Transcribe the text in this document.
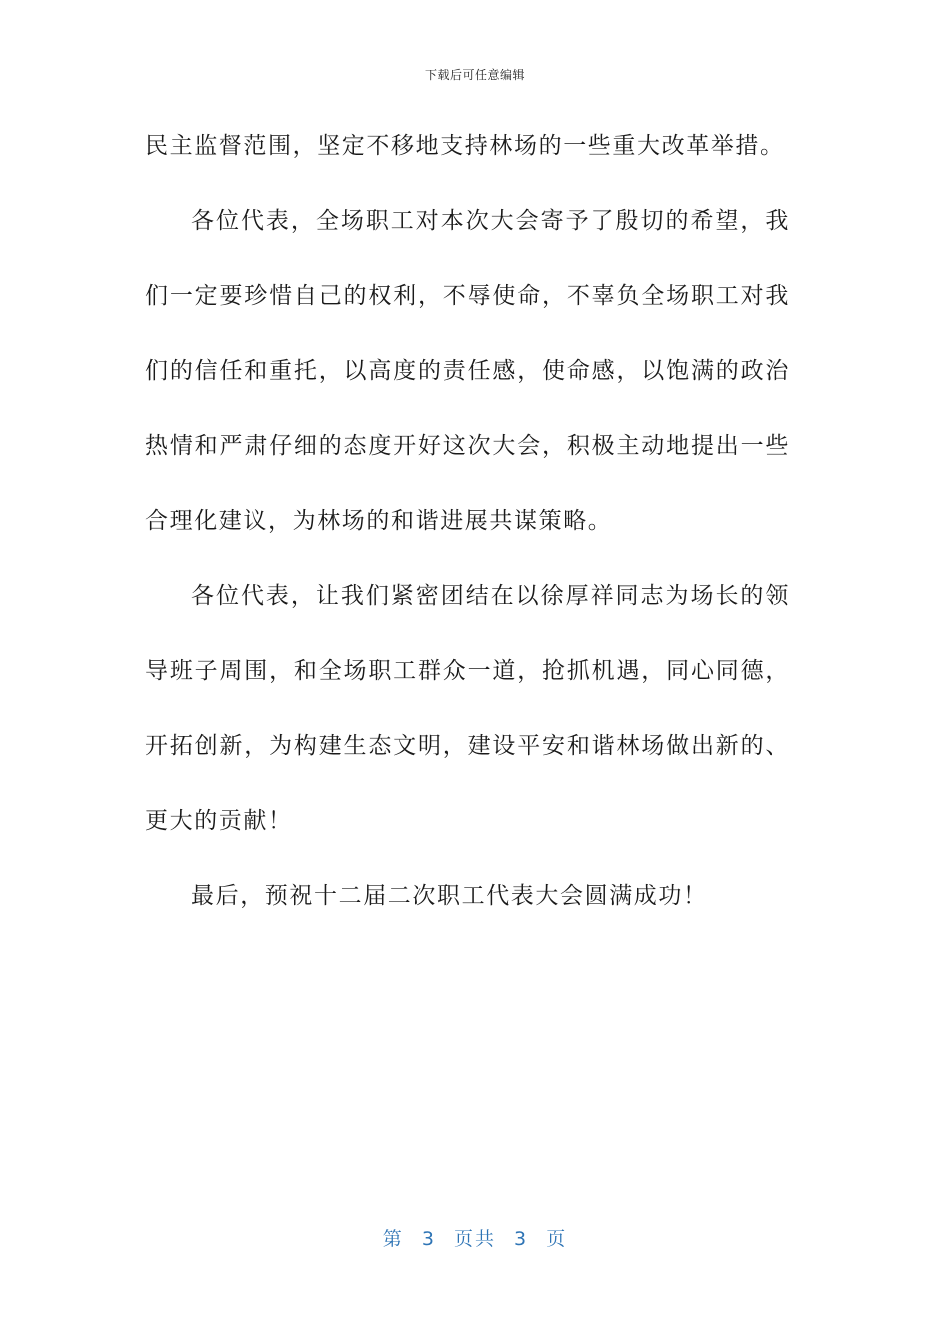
下载后可任意编辑

民主监督范围，坚定不移地支持林场的一些重大改革举措。

各位代表，全场职工对本次大会寄予了殷切的希望，我们一定要珍惜自己的权利，不辱使命，不辜负全场职工对我们的信任和重托，以高度的责任感，使命感，以饱满的政治热情和严肃仔细的态度开好这次大会，积极主动地提出一些合理化建议，为林场的和谐进展共谋策略。

各位代表，让我们紧密团结在以徐厚祥同志为场长的领导班子周围，和全场职工群众一道，抢抓机遇，同心同德，开拓创新，为构建生态文明，建设平安和谐林场做出新的、更大的贡献！

最后，预祝十二届二次职工代表大会圆满成功！

第 3 页共 3 页
